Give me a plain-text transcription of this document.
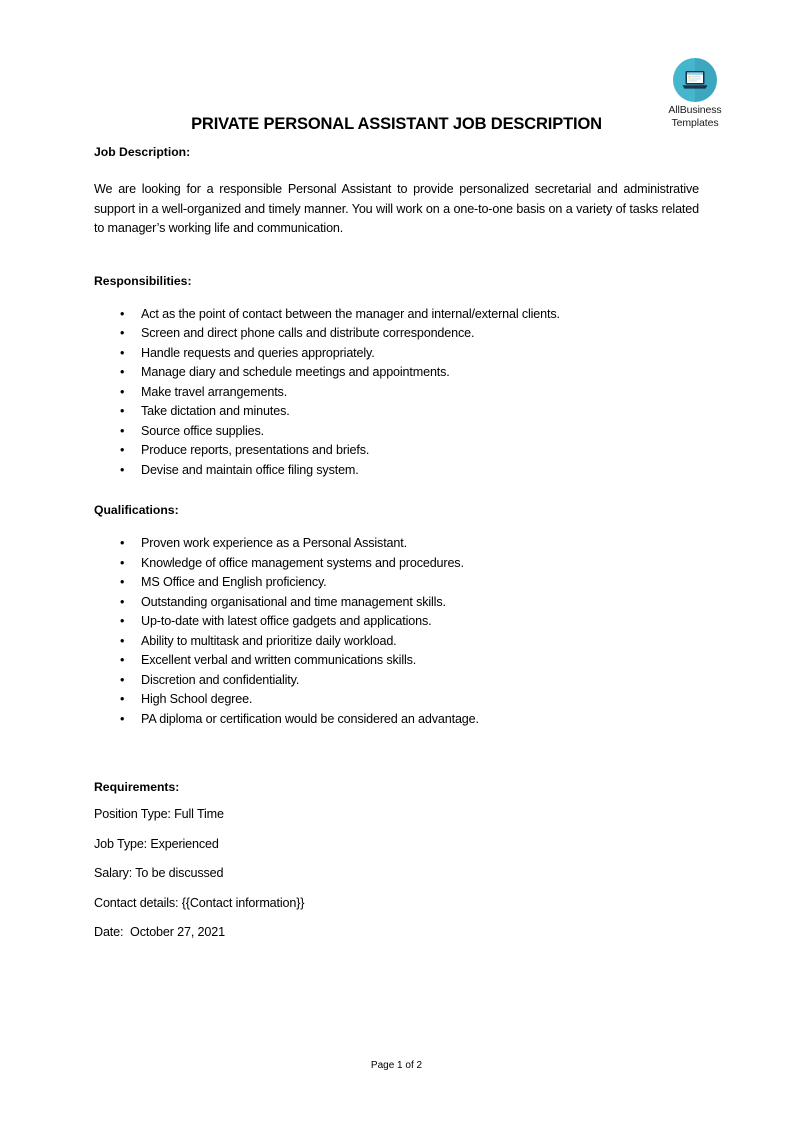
AllBusiness
Templates
PRIVATE PERSONAL ASSISTANT JOB DESCRIPTION
Job Description:

We are looking for a responsible Personal Assistant to provide personalized secretarial and administrative support in a well-organized and timely manner. You will work on a one-to-one basis on a variety of tasks related to manager’s working life and communication.

Responsibilities:
• Act as the point of contact between the manager and internal/external clients.
• Screen and direct phone calls and distribute correspondence.
• Handle requests and queries appropriately.
• Manage diary and schedule meetings and appointments.
• Make travel arrangements.
• Take dictation and minutes.
• Source office supplies.
• Produce reports, presentations and briefs.
• Devise and maintain office filing system.
Qualifications:
• Proven work experience as a Personal Assistant.
• Knowledge of office management systems and procedures.
• MS Office and English proficiency.
• Outstanding organisational and time management skills.
• Up-to-date with latest office gadgets and applications.
• Ability to multitask and prioritize daily workload.
• Excellent verbal and written communications skills.
• Discretion and confidentiality.
• High School degree.
• PA diploma or certification would be considered an advantage.
Requirements:
Position Type: Full Time
Job Type: Experienced
Salary: To be discussed
Contact details: {{Contact information}}
Date:  October 27, 2021
Page 1 of 2
